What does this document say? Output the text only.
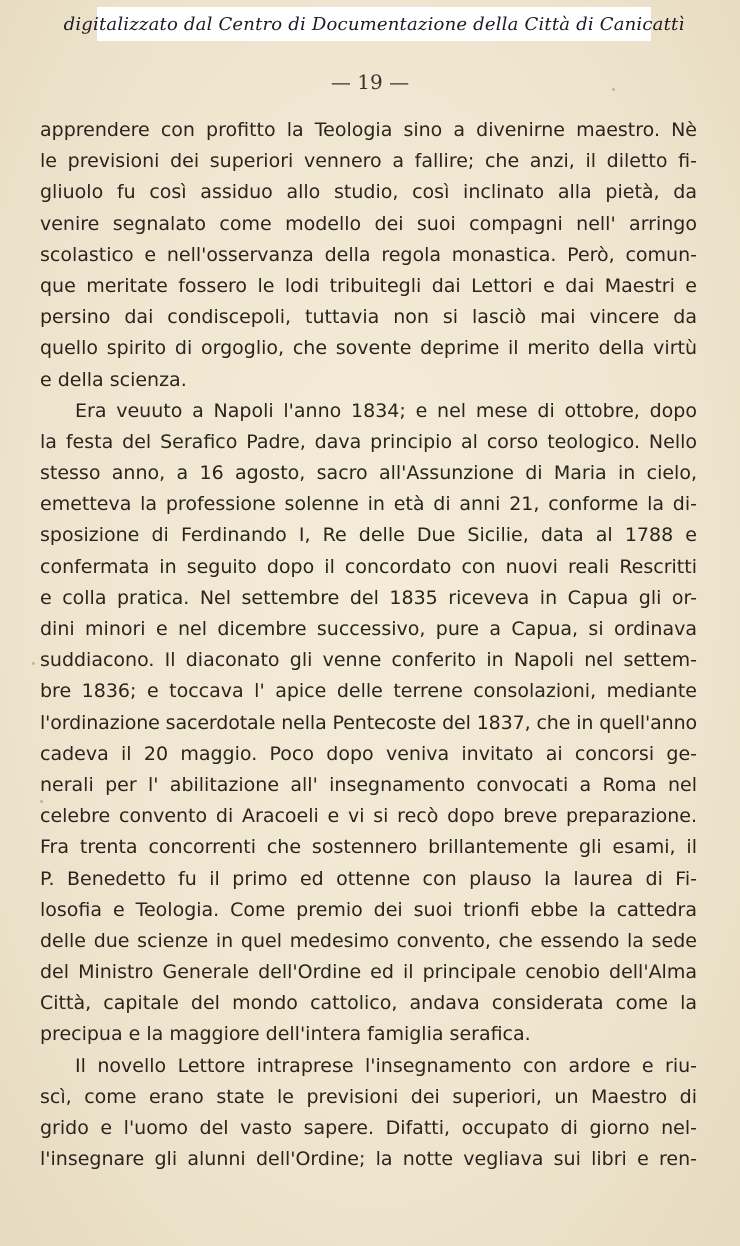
digitalizzato dal Centro di Documentazione della Città di Canicattì
— 19 —
apprendere con profitto la Teologia sino a divenirne maestro. Nè
le previsioni dei superiori vennero a fallire; che anzi, il diletto fi-
gliuolo fu così assiduo allo studio, così inclinato alla pietà, da
venire segnalato come modello dei suoi compagni nell' arringo
scolastico e nell'osservanza della regola monastica. Però, comun-
que meritate fossero le lodi tribuitegli dai Lettori e dai Maestri e
persino dai condiscepoli, tuttavia non si lasciò mai vincere da
quello spirito di orgoglio, che sovente deprime il merito della virtù
e della scienza.
Era veuuto a Napoli l'anno 1834; e nel mese di ottobre, dopo
la festa del Serafico Padre, dava principio al corso teologico. Nello
stesso anno, a 16 agosto, sacro all'Assunzione di Maria in cielo,
emetteva la professione solenne in età di anni 21, conforme la di-
sposizione di Ferdinando I, Re delle Due Sicilie, data al 1788 e
confermata in seguito dopo il concordato con nuovi reali Rescritti
e colla pratica. Nel settembre del 1835 riceveva in Capua gli or-
dini minori e nel dicembre successivo, pure a Capua, si ordinava
suddiacono. Il diaconato gli venne conferito in Napoli nel settem-
bre 1836; e toccava l' apice delle terrene consolazioni, mediante
l'ordinazione sacerdotale nella Pentecoste del 1837, che in quell'anno
cadeva il 20 maggio. Poco dopo veniva invitato ai concorsi ge-
nerali per l' abilitazione all' insegnamento convocati a Roma nel
celebre convento di Aracoeli e vi si recò dopo breve preparazione.
Fra trenta concorrenti che sostennero brillantemente gli esami, il
P. Benedetto fu il primo ed ottenne con plauso la laurea di Fi-
losofia e Teologia. Come premio dei suoi trionfi ebbe la cattedra
delle due scienze in quel medesimo convento, che essendo la sede
del Ministro Generale dell'Ordine ed il principale cenobio dell'Alma
Città, capitale del mondo cattolico, andava considerata come la
precipua e la maggiore dell'intera famiglia serafica.
Il novello Lettore intraprese l'insegnamento con ardore e riu-
scì, come erano state le previsioni dei superiori, un Maestro di
grido e l'uomo del vasto sapere. Difatti, occupato di giorno nel-
l'insegnare gli alunni dell'Ordine; la notte vegliava sui libri e ren-
